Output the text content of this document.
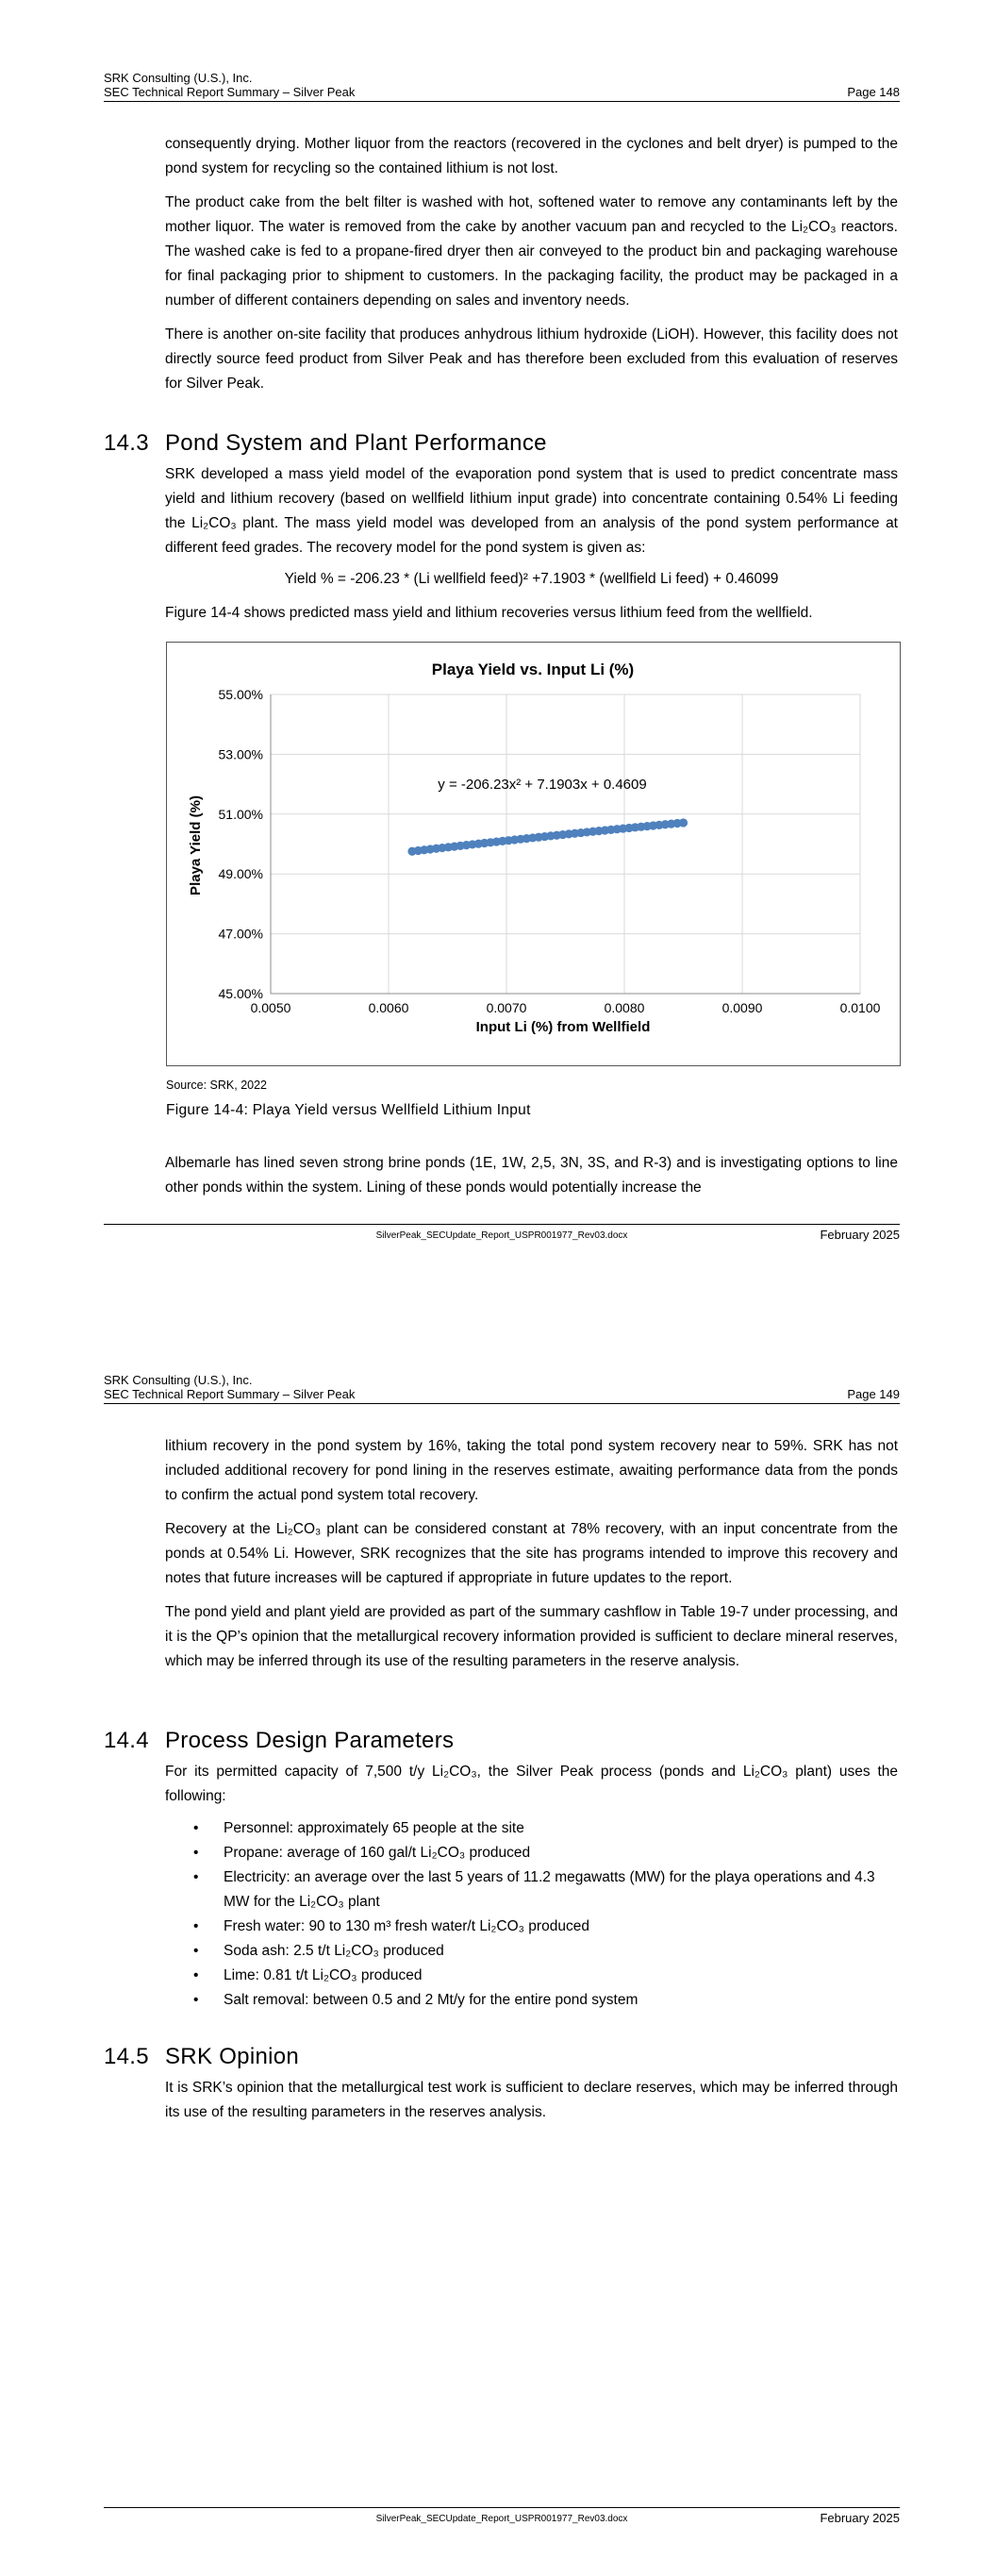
SRK Consulting (U.S.), Inc.
SEC Technical Report Summary – Silver Peak	Page 148

consequently drying. Mother liquor from the reactors (recovered in the cyclones and belt dryer) is pumped to the pond system for recycling so the contained lithium is not lost.

The product cake from the belt filter is washed with hot, softened water to remove any contaminants left by the mother liquor. The water is removed from the cake by another vacuum pan and recycled to the Li₂CO₃ reactors. The washed cake is fed to a propane-fired dryer then air conveyed to the product bin and packaging warehouse for final packaging prior to shipment to customers. In the packaging facility, the product may be packaged in a number of different containers depending on sales and inventory needs.

There is another on-site facility that produces anhydrous lithium hydroxide (LiOH). However, this facility does not directly source feed product from Silver Peak and has therefore been excluded from this evaluation of reserves for Silver Peak.

14.3 Pond System and Plant Performance

SRK developed a mass yield model of the evaporation pond system that is used to predict concentrate mass yield and lithium recovery (based on wellfield lithium input grade) into concentrate containing 0.54% Li feeding the Li₂CO₃ plant. The mass yield model was developed from an analysis of the pond system performance at different feed grades. The recovery model for the pond system is given as:

Yield % = -206.23 * (Li wellfield feed)² +7.1903 * (wellfield Li feed) + 0.46099

Figure 14-4 shows predicted mass yield and lithium recoveries versus lithium feed from the wellfield.

Playa Yield vs. Input Li (%)
Input Li (%) from Wellfield
Playa Yield (%)
45.00%
47.00%
49.00%
51.00%
53.00%
55.00%
0.0050	0.0060	0.0070	0.0080	0.0090	0.0100
y = -206.23x² + 7.1903x + 0.4609
Source: SRK, 2022
Figure 14-4: Playa Yield versus Wellfield Lithium Input

Albemarle has lined seven strong brine ponds (1E, 1W, 2,5, 3N, 3S, and R-3) and is investigating options to line other ponds within the system. Lining of these ponds would potentially increase the

SilverPeak_SECUpdate_Report_USPR001977_Rev03.docx	February 2025
SRK Consulting (U.S.), Inc.
SEC Technical Report Summary – Silver Peak	Page 149

lithium recovery in the pond system by 16%, taking the total pond system recovery near to 59%. SRK has not included additional recovery for pond lining in the reserves estimate, awaiting performance data from the ponds to confirm the actual pond system total recovery.

Recovery at the Li₂CO₃ plant can be considered constant at 78% recovery, with an input concentrate from the ponds at 0.54% Li. However, SRK recognizes that the site has programs intended to improve this recovery and notes that future increases will be captured if appropriate in future updates to the report.

The pond yield and plant yield are provided as part of the summary cashflow in Table 19-7 under processing, and it is the QP’s opinion that the metallurgical recovery information provided is sufficient to declare mineral reserves, which may be inferred through its use of the resulting parameters in the reserve analysis.

14.4 Process Design Parameters

For its permitted capacity of 7,500 t/y Li₂CO₃, the Silver Peak process (ponds and Li₂CO₃ plant) uses the following:

• Personnel: approximately 65 people at the site
• Propane: average of 160 gal/t Li₂CO₃ produced
• Electricity: an average over the last 5 years of 11.2 megawatts (MW) for the playa operations and 4.3 MW for the Li₂CO₃ plant
• Fresh water: 90 to 130 m³ fresh water/t Li₂CO₃ produced
• Soda ash: 2.5 t/t Li₂CO₃ produced
• Lime: 0.81 t/t Li₂CO₃ produced
• Salt removal: between 0.5 and 2 Mt/y for the entire pond system
14.5 SRK Opinion

It is SRK’s opinion that the metallurgical test work is sufficient to declare reserves, which may be inferred through its use of the resulting parameters in the reserves analysis.

SilverPeak_SECUpdate_Report_USPR001977_Rev03.docx	February 2025
